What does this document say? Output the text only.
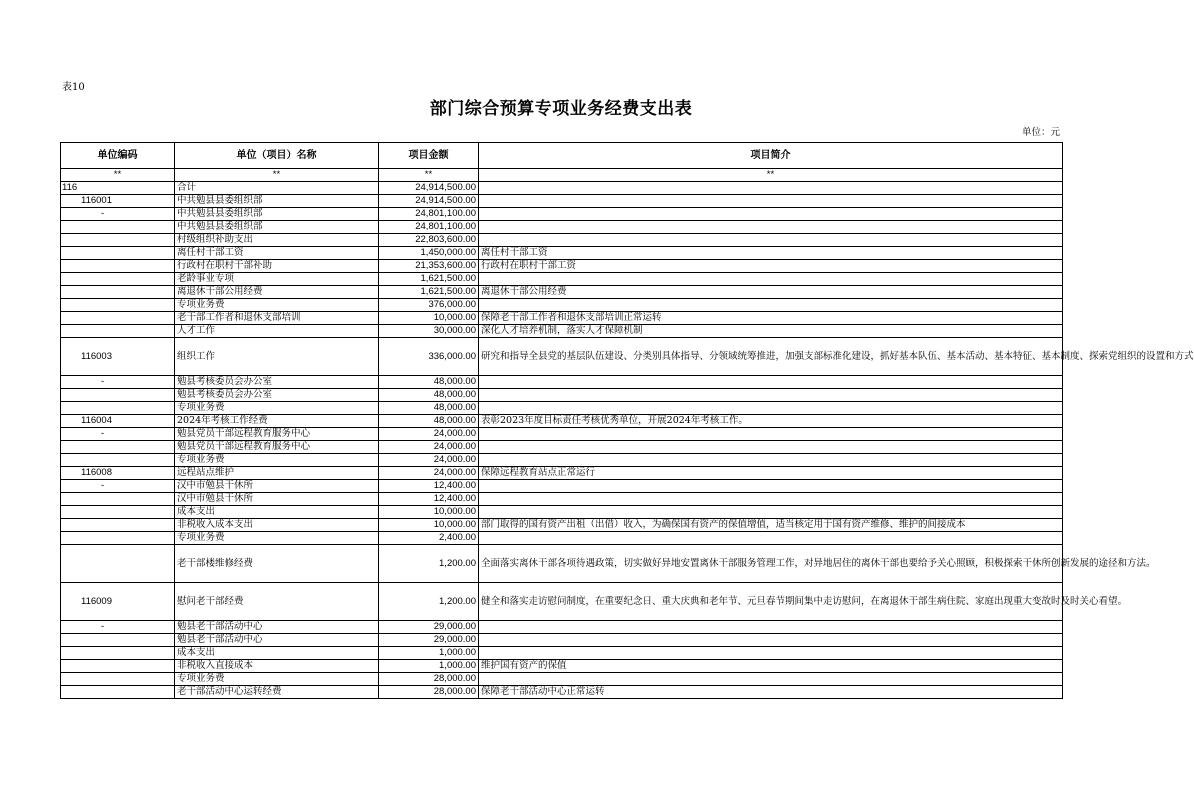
表10
部门综合预算专项业务经费支出表
单位：元
单位编码	单位（项目）名称	项目金额	项目简介
**	**	**	**
116	合计	24,914,500.00	
116001	中共勉县县委组织部	24,914,500.00	
-	中共勉县县委组织部	24,801,100.00	
	中共勉县县委组织部	24,801,100.00	
	村级组织补助支出	22,803,600.00	
	离任村干部工资	1,450,000.00	离任村干部工资
	行政村在职村干部补助	21,353,600.00	行政村在职村干部工资
	老龄事业专项	1,621,500.00	
	离退休干部公用经费	1,621,500.00	离退休干部公用经费
	专项业务费	376,000.00	
	老干部工作者和退休支部培训	10,000.00	保障老干部工作者和退休支部培训正常运转
	人才工作	30,000.00	深化人才培养机制，落实人才保障机制
116003	组织工作	336,000.00	研究和指导全县党的基层队伍建设、分类别具体指导、分领域统筹推进，加强支部标准化建设，抓好基本队伍、基本活动、基本特征、基本制度、探索党组织的设置和方式
-	勉县考核委员会办公室	48,000.00	
	勉县考核委员会办公室	48,000.00	
	专项业务费	48,000.00	
116004	2024年考核工作经费	48,000.00	表彰2023年度目标责任考核优秀单位，开展2024年考核工作。
-	勉县党员干部远程教育服务中心	24,000.00	
	勉县党员干部远程教育服务中心	24,000.00	
	专项业务费	24,000.00	
116008	远程站点维护	24,000.00	保障远程教育站点正常运行
-	汉中市勉县干休所	12,400.00	
	汉中市勉县干休所	12,400.00	
	成本支出	10,000.00	
	非税收入成本支出	10,000.00	部门取得的国有资产出租（出借）收入，为确保国有资产的保值增值，适当核定用于国有资产维修、维护的间接成本
	专项业务费	2,400.00	
	老干部楼维修经费	1,200.00	全面落实离休干部各项待遇政策，切实做好异地安置离休干部服务管理工作，对异地居住的离休干部也要给予关心照顾，积极探索干休所创新发展的途径和方法。
116009	慰问老干部经费	1,200.00	健全和落实走访慰问制度，在重要纪念日、重大庆典和老年节、元旦春节期间集中走访慰问，在离退休干部生病住院、家庭出现重大变故时及时关心看望。
-	勉县老干部活动中心	29,000.00	
	勉县老干部活动中心	29,000.00	
	成本支出	1,000.00	
	非税收入直接成本	1,000.00	维护国有资产的保值
	专项业务费	28,000.00	
	老干部活动中心运转经费	28,000.00	保障老干部活动中心正常运转
